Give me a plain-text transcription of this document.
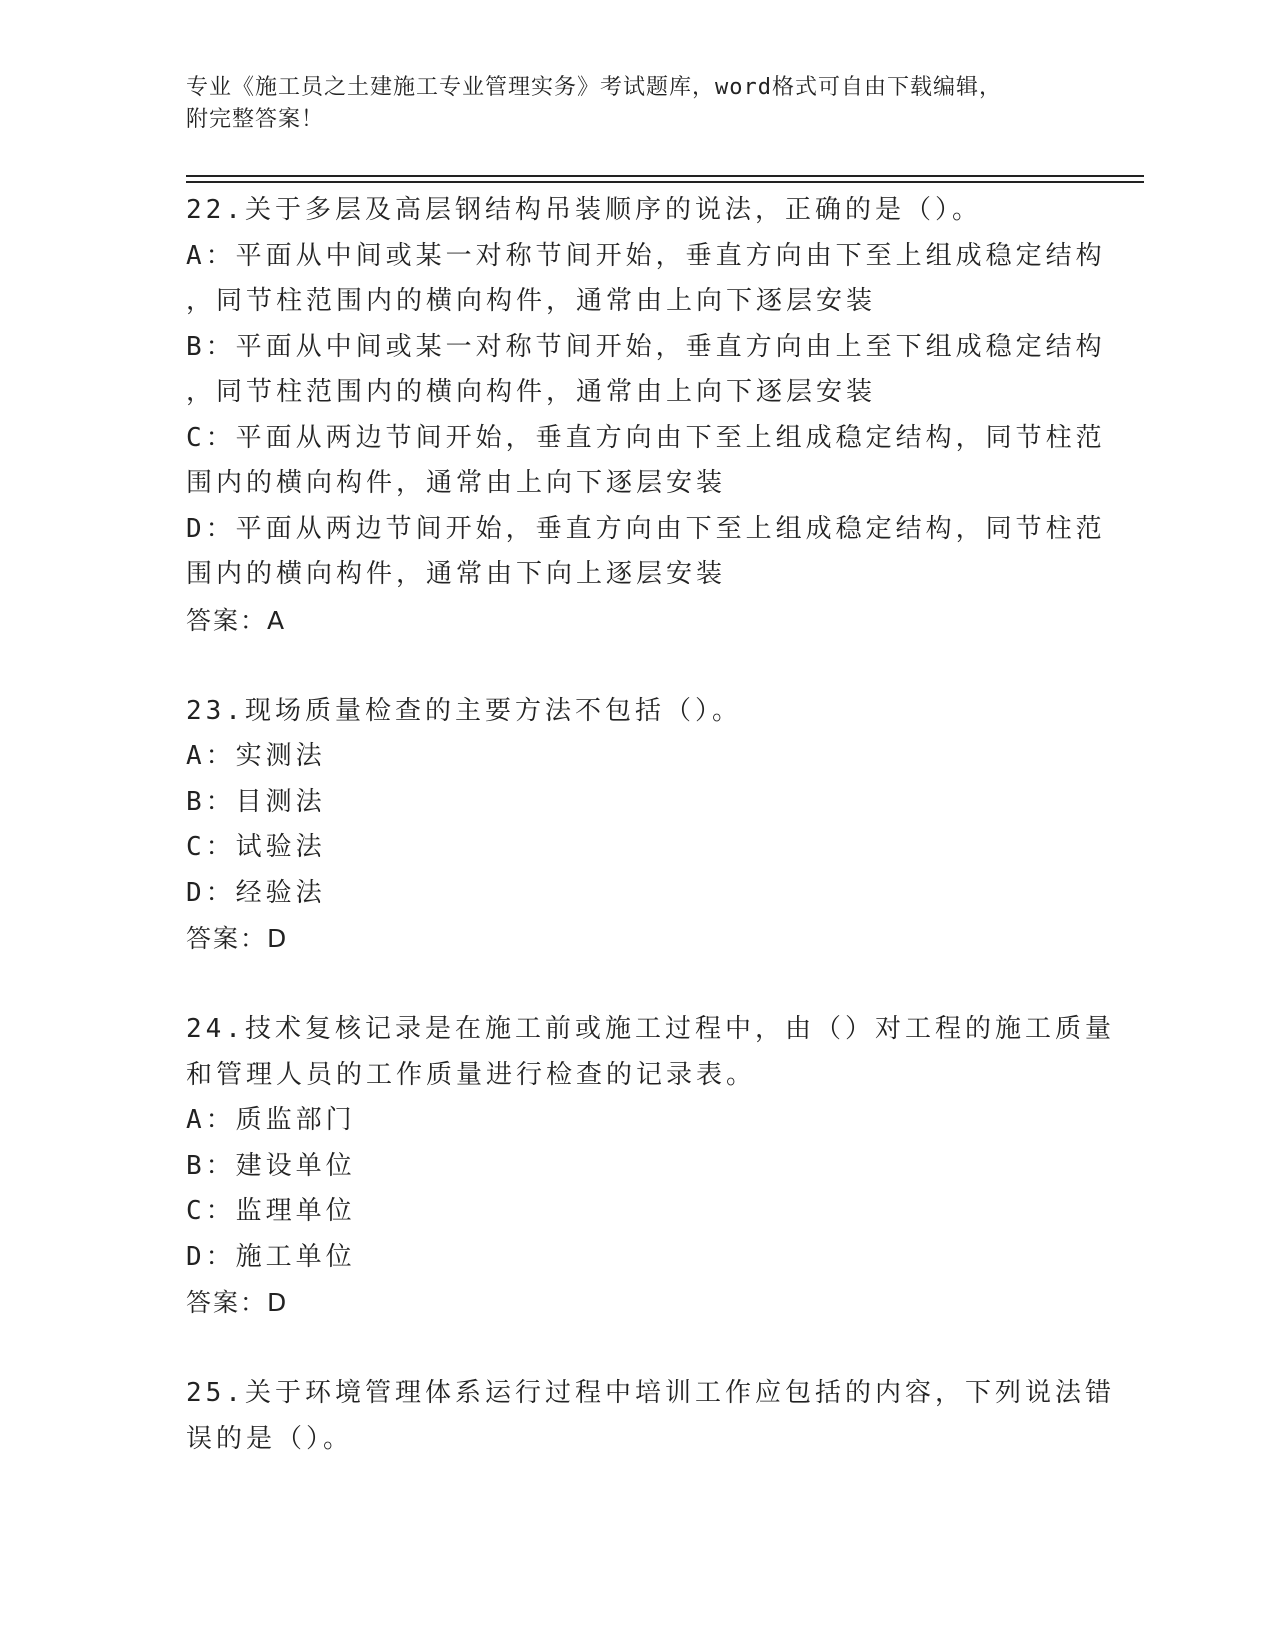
专业《施工员之土建施工专业管理实务》考试题库，word格式可自由下载编辑，
附完整答案！
22.关于多层及高层钢结构吊装顺序的说法，正确的是（）。
A：平面从中间或某一对称节间开始，垂直方向由下至上组成稳定结构
，同节柱范围内的横向构件，通常由上向下逐层安装
B：平面从中间或某一对称节间开始，垂直方向由上至下组成稳定结构
，同节柱范围内的横向构件，通常由上向下逐层安装
C：平面从两边节间开始，垂直方向由下至上组成稳定结构，同节柱范
围内的横向构件，通常由上向下逐层安装
D：平面从两边节间开始，垂直方向由下至上组成稳定结构，同节柱范
围内的横向构件，通常由下向上逐层安装
答案：A
23.现场质量检查的主要方法不包括（）。
A：实测法
B：目测法
C：试验法
D：经验法
答案：D
24.技术复核记录是在施工前或施工过程中，由（）对工程的施工质量
和管理人员的工作质量进行检查的记录表。
A：质监部门
B：建设单位
C：监理单位
D：施工单位
答案：D
25.关于环境管理体系运行过程中培训工作应包括的内容，下列说法错
误的是（）。
